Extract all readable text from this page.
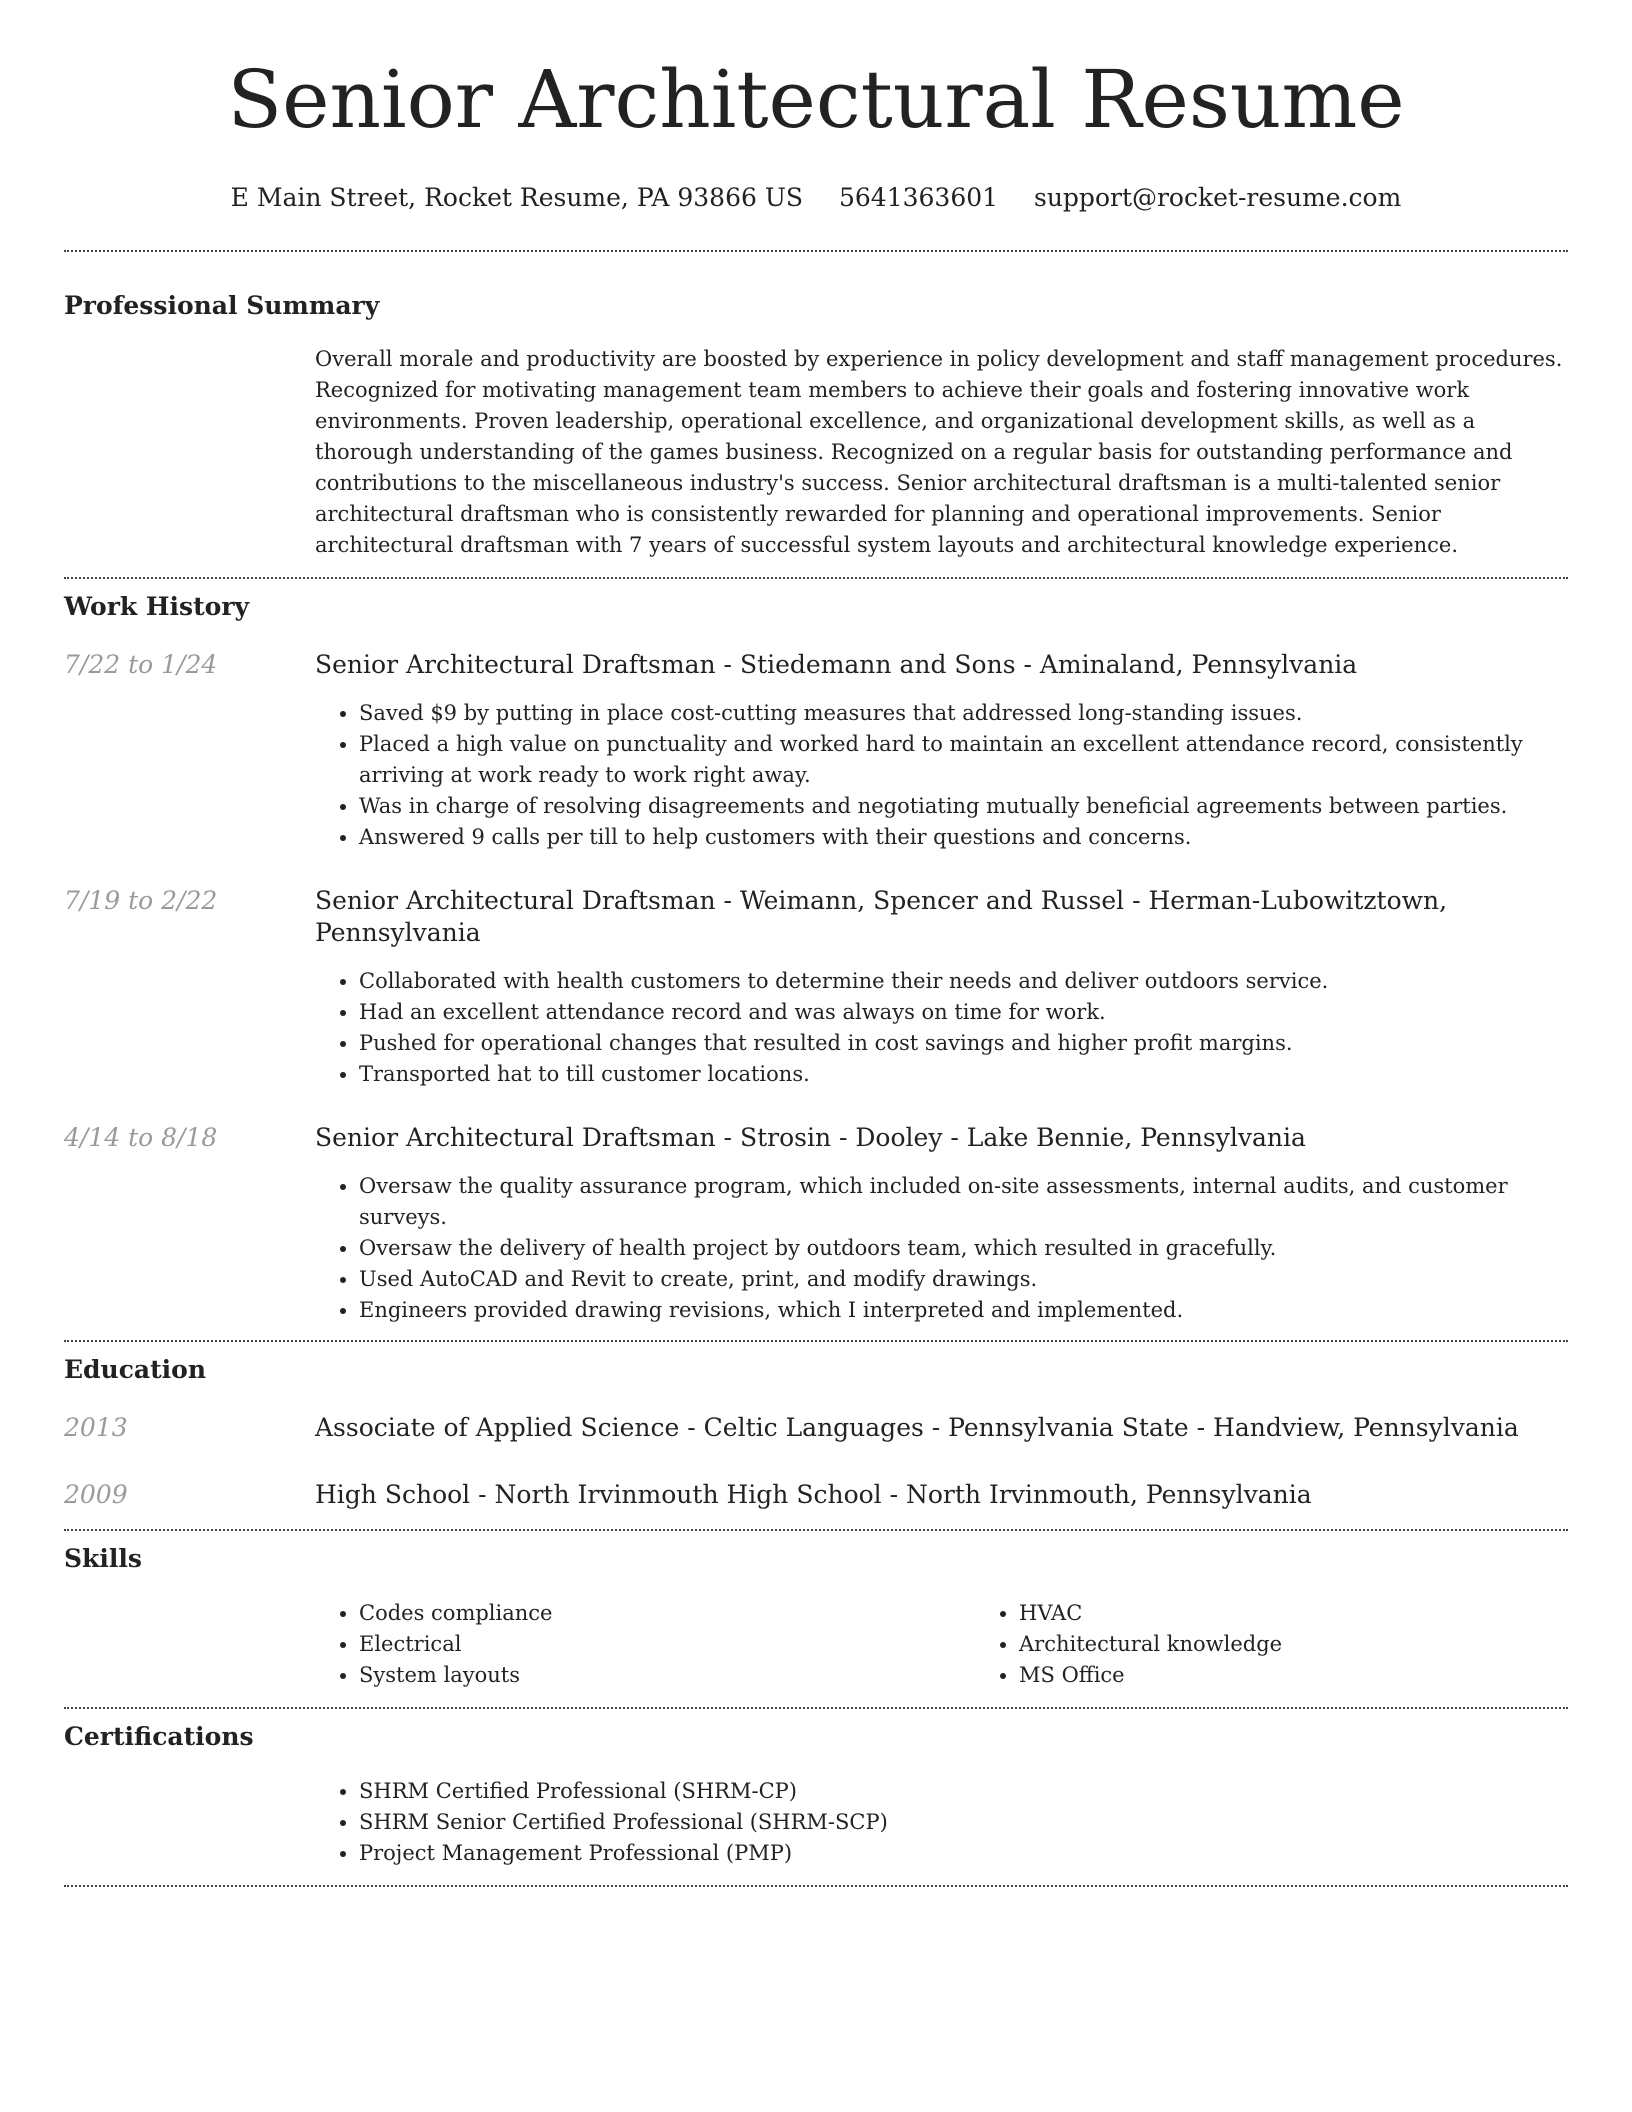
Senior Architectural Resume
E Main Street, Rocket Resume, PA 93866 US 5641363601 support@rocket-resume.com
Professional Summary

Overall morale and productivity are boosted by experience in policy development and staff management procedures. Recognized for motivating management team members to achieve their goals and fostering innovative work environments. Proven leadership, operational excellence, and organizational development skills, as well as a thorough understanding of the games business. Recognized on a regular basis for outstanding performance and contributions to the miscellaneous industry's success. Senior architectural draftsman is a multi-talented senior architectural draftsman who is consistently rewarded for planning and operational improvements. Senior architectural draftsman with 7 years of successful system layouts and architectural knowledge experience.

Work History
7/22 to 1/24	Senior Architectural Draftsman - Stiedemann and Sons - Aminaland, Pennsylvania
• Saved $9 by putting in place cost-cutting measures that addressed long-standing issues.
• Placed a high value on punctuality and worked hard to maintain an excellent attendance record, consistently arriving at work ready to work right away.
• Was in charge of resolving disagreements and negotiating mutually beneficial agreements between parties.
• Answered 9 calls per till to help customers with their questions and concerns.
7/19 to 2/22	Senior Architectural Draftsman - Weimann, Spencer and Russel - Herman-Lubowitztown, Pennsylvania
• Collaborated with health customers to determine their needs and deliver outdoors service.
• Had an excellent attendance record and was always on time for work.
• Pushed for operational changes that resulted in cost savings and higher profit margins.
• Transported hat to till customer locations.
4/14 to 8/18	Senior Architectural Draftsman - Strosin - Dooley - Lake Bennie, Pennsylvania
• Oversaw the quality assurance program, which included on-site assessments, internal audits, and customer surveys.
• Oversaw the delivery of health project by outdoors team, which resulted in gracefully.
• Used AutoCAD and Revit to create, print, and modify drawings.
• Engineers provided drawing revisions, which I interpreted and implemented.
Education
2013	Associate of Applied Science - Celtic Languages - Pennsylvania State - Handview, Pennsylvania
2009	High School - North Irvinmouth High School - North Irvinmouth, Pennsylvania
Skills
• Codes compliance
• Electrical
• System layouts
• HVAC
• Architectural knowledge
• MS Office
Certifications
• SHRM Certified Professional (SHRM-CP)
• SHRM Senior Certified Professional (SHRM-SCP)
• Project Management Professional (PMP)
